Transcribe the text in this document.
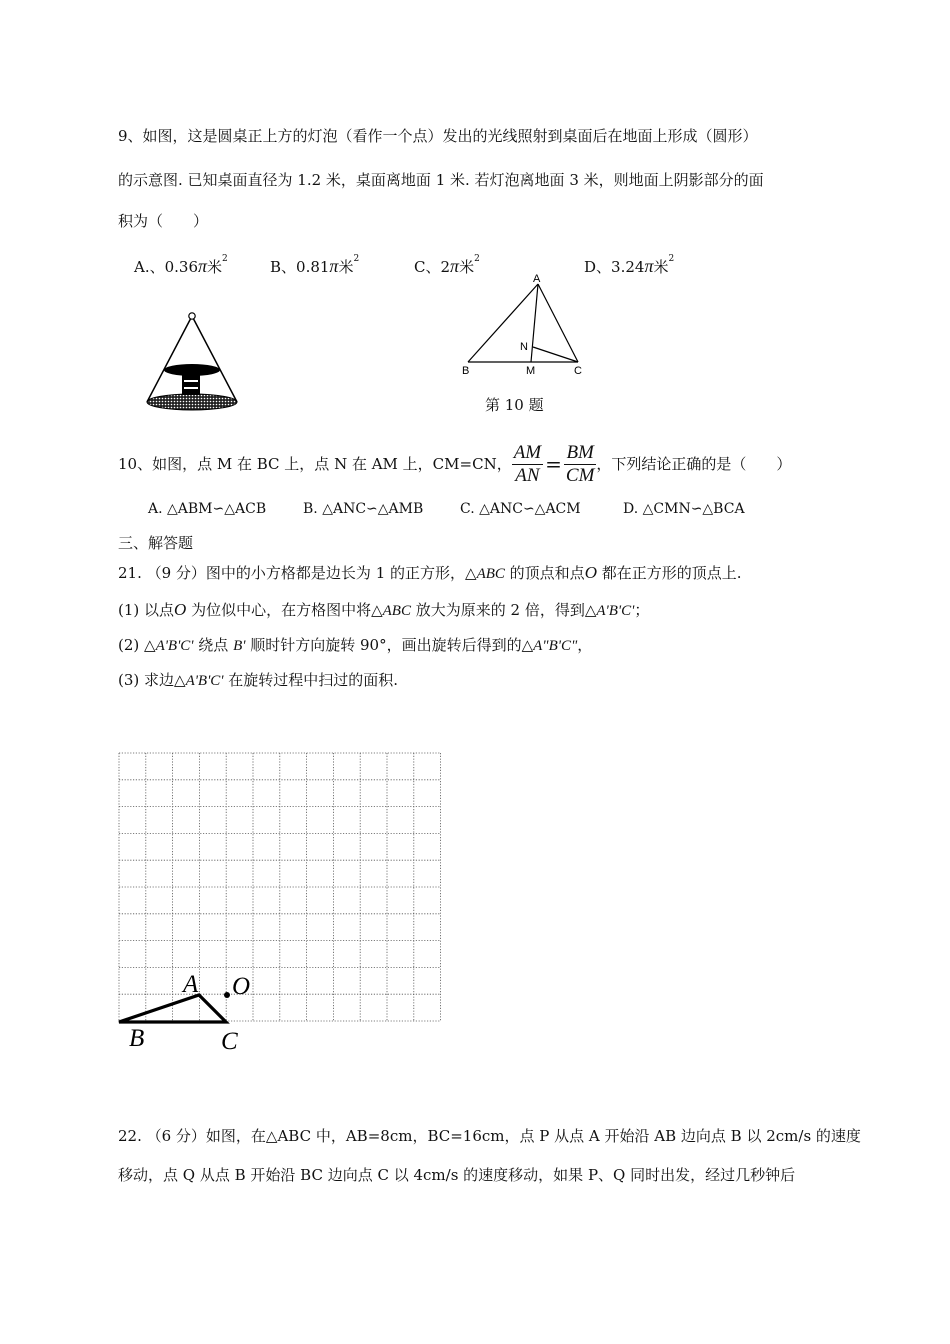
9、如图，这是圆桌正上方的灯泡（看作一个点）发出的光线照射到桌面后在地面上形成（圆形）
的示意图. 已知桌面直径为 1.2 米，桌面离地面 1 米. 若灯泡离地面 3 米，则地面上阴影部分的面
积为（　　）
A.、0.36π米$^2$	B、0.81π米$^2$	C、2π米$^2$	D、3.24π米$^2$
A
B	M	C
N
第 10 题
10、如图，点 M 在 BC 上，点 N 在 AM 上，CM=CN， $\frac{AM}{AN} = \frac{BM}{CM}$ ，下列结论正确的是（　　）
A. △ABM∽△ACB	B. △ANC∽△AMB	C. △ANC∽△ACM	D. △CMN∽△BCA
三、解答题
21. （9 分）图中的小方格都是边长为 1 的正方形，△ABC 的顶点和点O 都在正方形的顶点上.
(1) 以点O 为位似中心，在方格图中将△ABC 放大为原来的 2 倍，得到△A'B'C'；
(2) △A'B'C' 绕点 B' 顺时针方向旋转 90°，画出旋转后得到的△A"B'C"，
(3) 求边△A'B'C' 在旋转过程中扫过的面积.
A O
B	C
22. （6 分）如图，在△ABC 中，AB=8cm，BC=16cm，点 P 从点 A 开始沿 AB 边向点 B 以 2cm/s 的速度
移动，点 Q 从点 B 开始沿 BC 边向点 C 以 4cm/s 的速度移动，如果 P、Q 同时出发，经过几秒钟后
